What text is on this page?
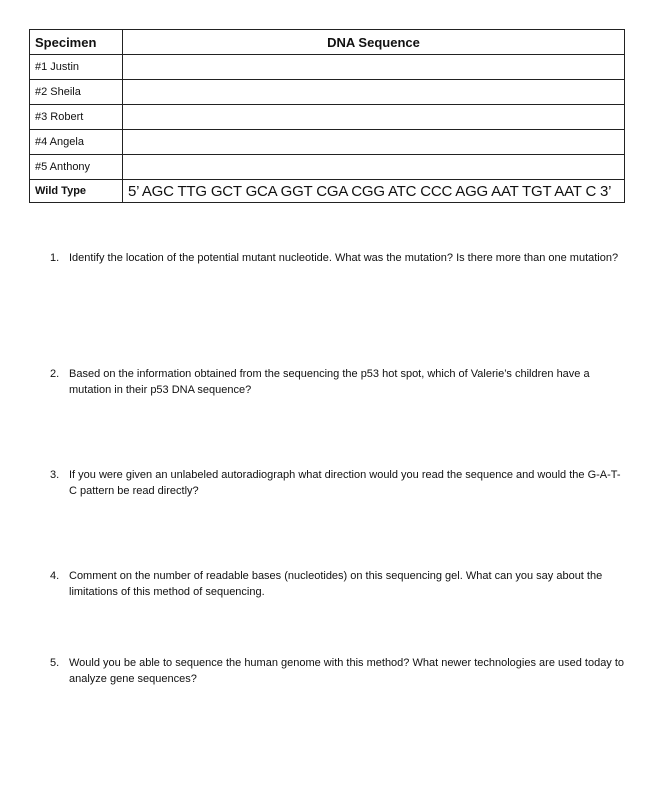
Specimen	DNA Sequence
#1 Justin	
#2 Sheila	
#3 Robert	
#4 Angela	
#5 Anthony	
Wild Type	5’ AGC TTG GCT GCA GGT CGA CGG ATC CCC AGG AAT TGT AAT C 3’
1. Identify the location of the potential mutant nucleotide. What was the mutation? Is there more than one mutation?
2. Based on the information obtained from the sequencing the p53 hot spot, which of Valerie’s children have a mutation in their p53 DNA sequence?
3. If you were given an unlabeled autoradiograph what direction would you read the sequence and would the G-A-T-C pattern be read directly?
4. Comment on the number of readable bases (nucleotides) on this sequencing gel. What can you say about the limitations of this method of sequencing.
5. Would you be able to sequence the human genome with this method? What newer technologies are used today to analyze gene sequences?
